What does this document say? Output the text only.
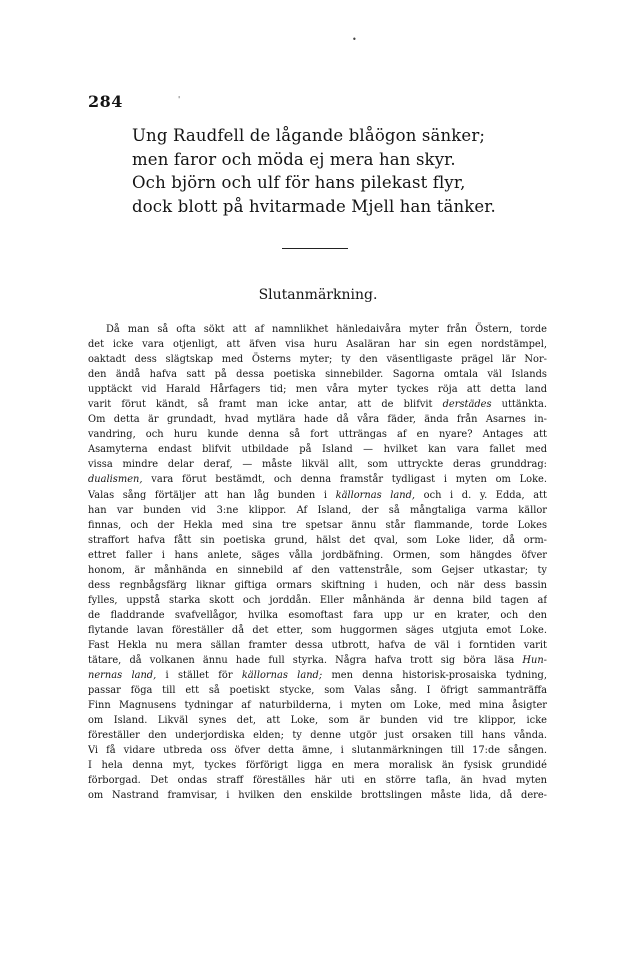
•
'
284
Ung Raudfell de lågande blåögon sänker;
men faror och möda ej mera han skyr.
Och björn och ulf för hans pilekast flyr,
dock blott på hvitarmade Mjell han tänker.
Slutanmärkning.
Då man så ofta sökt att af namnlikhet hänledaivåra myter från Östern, torde
det icke vara otjenligt, att äfven visa huru Asaläran har sin egen nordstämpel,
oaktadt dess slägtskap med Österns myter; ty den väsentligaste prägel lär Nor-
den ändå hafva satt på dessa poetiska sinnebilder. Sagorna omtala väl Islands
upptäckt vid Harald Hårfagers tid; men våra myter tyckes röja att detta land
varit förut kändt, så framt man icke antar, att de blifvit derstädes uttänkta.
Om detta är grundadt, hvad mytlära hade då våra fäder, ända från Asarnes in-
vandring, och huru kunde denna så fort utträngas af en nyare? Antages att
Asamyterna endast blifvit utbildade på Island — hvilket kan vara fallet med
vissa mindre delar deraf, — måste likväl allt, som uttryckte deras grunddrag:
dualismen, vara förut bestämdt, och denna framstår tydligast i myten om Loke.
Valas sång förtäljer att han låg bunden i källornas land, och i d. y. Edda, att
han var bunden vid 3:ne klippor. Af Island, der så mångtaliga varma källor
finnas, och der Hekla med sina tre spetsar ännu står flammande, torde Lokes
straffort hafva fått sin poetiska grund, hälst det qval, som Loke lider, då orm-
ettret faller i hans anlete, säges vålla jordbäfning. Ormen, som hängdes öfver
honom, är månhända en sinnebild af den vattenstråle, som Gejser utkastar; ty
dess regnbågsfärg liknar giftiga ormars skiftning i huden, och när dess bassin
fylles, uppstå starka skott och jorddån. Eller månhända är denna bild tagen af
de fladdrande svafvellågor, hvilka esomoftast fara upp ur en krater, och den
flytande lavan föreställer då det etter, som huggormen säges utgjuta emot Loke.
Fast Hekla nu mera sällan framter dessa utbrott, hafva de väl i forntiden varit
tätare, då volkanen ännu hade full styrka. Några hafva trott sig böra läsa Hun-
nernas land, i stället för källornas land; men denna historisk-prosaiska tydning,
passar föga till ett så poetiskt stycke, som Valas sång. I öfrigt sammanträffa
Finn Magnusens tydningar af naturbilderna, i myten om Loke, med mina åsigter
om Island. Likväl synes det, att Loke, som är bunden vid tre klippor, icke
föreställer den underjordiska elden; ty denne utgör just orsaken till hans vånda.
Vi få vidare utbreda oss öfver detta ämne, i slutanmärkningen till 17:de sången.
I hela denna myt, tyckes förförigt ligga en mera moralisk än fysisk grundidé
förborgad. Det ondas straff föreställes här uti en större tafla, än hvad myten
om Nastrand framvisar, i hvilken den enskilde brottslingen måste lida, då dere-
